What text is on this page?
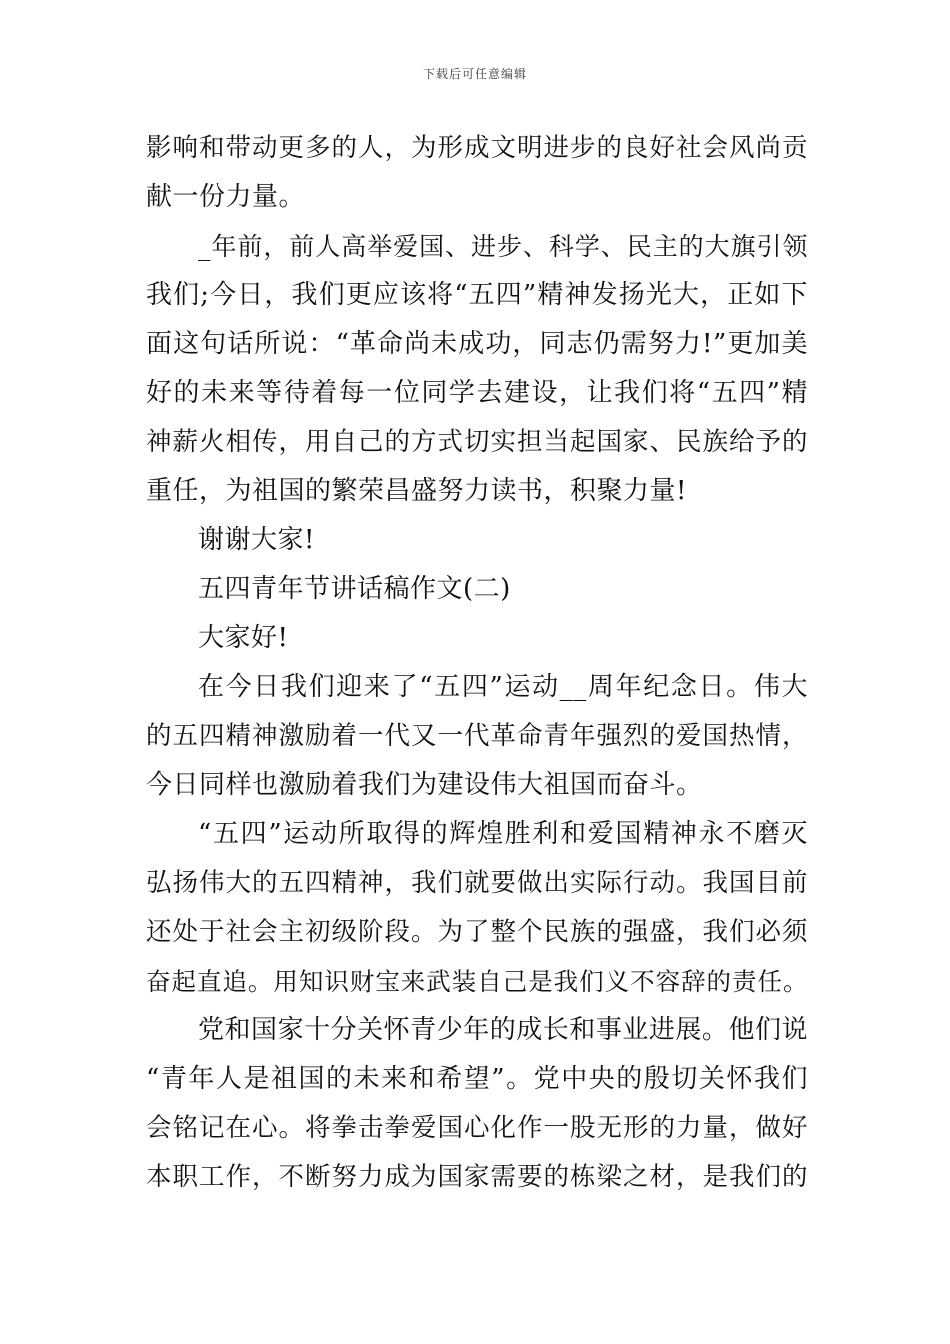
下载后可任意编辑
影响和带动更多的人，为形成文明进步的良好社会风尚贡
献一份力量。
_年前，前人高举爱国、进步、科学、民主的大旗引领
我们;今日，我们更应该将“五四”精神发扬光大，正如下
面这句话所说：“革命尚未成功，同志仍需努力!”更加美
好的未来等待着每一位同学去建设，让我们将“五四”精
神薪火相传，用自己的方式切实担当起国家、民族给予的
重任，为祖国的繁荣昌盛努力读书，积聚力量!
谢谢大家!
五四青年节讲话稿作文(二)
大家好!
在今日我们迎来了“五四”运动__周年纪念日。伟大
的五四精神激励着一代又一代革命青年强烈的爱国热情，
今日同样也激励着我们为建设伟大祖国而奋斗。
“五四”运动所取得的辉煌胜利和爱国精神永不磨灭
弘扬伟大的五四精神，我们就要做出实际行动。我国目前
还处于社会主初级阶段。为了整个民族的强盛，我们必须
奋起直追。用知识财宝来武装自己是我们义不容辞的责任。
党和国家十分关怀青少年的成长和事业进展。他们说
“青年人是祖国的未来和希望”。党中央的殷切关怀我们
会铭记在心。将拳击拳爱国心化作一股无形的力量，做好
本职工作，不断努力成为国家需要的栋梁之材，是我们的
